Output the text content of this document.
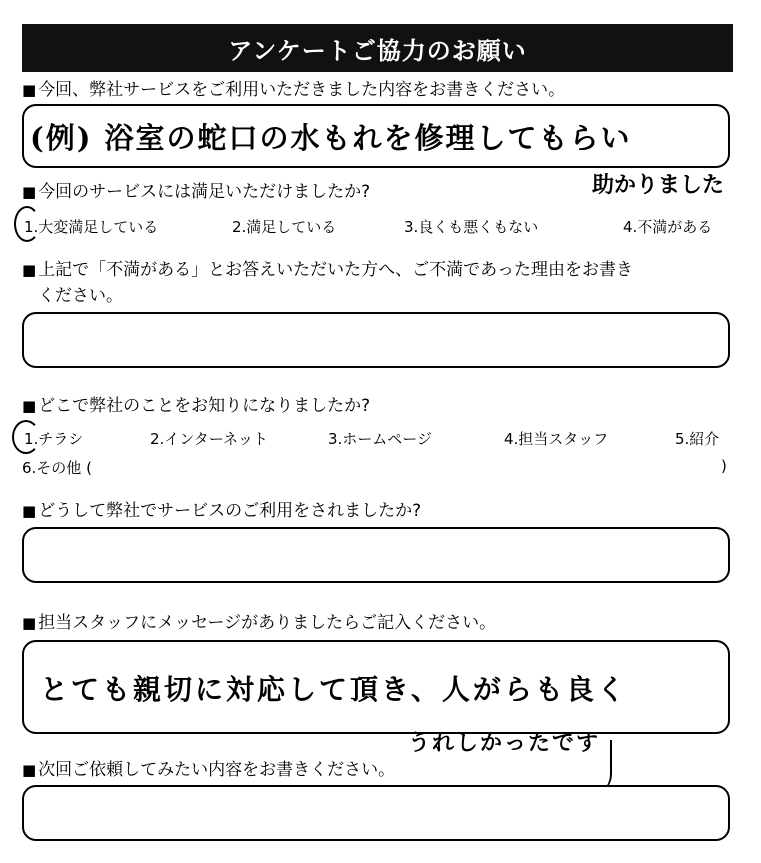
アンケートご協力のお願い
■ 今回、弊社サービスをご利用いただきました内容をお書きください。
(例) 浴室の蛇口の水もれを修理してもらい
助かりました
■ 今回のサービスには満足いただけましたか?
1.大変満足している	2.満足している	3.良くも悪くもない	4.不満がある
■ 上記で「不満がある」とお答えいただいた方へ、ご不満であった理由をお書き
ください。
■ どこで弊社のことをお知りになりましたか?
1.チラシ	2.インターネット	3.ホームページ	4.担当スタッフ	5.紹介
6.その他 (	)
■ どうして弊社でサービスのご利用をされましたか?
■ 担当スタッフにメッセージがありましたらご記入ください。
とても親切に対応して頂き、人がらも良く
うれしかったです
■ 次回ご依頼してみたい内容をお書きください。
